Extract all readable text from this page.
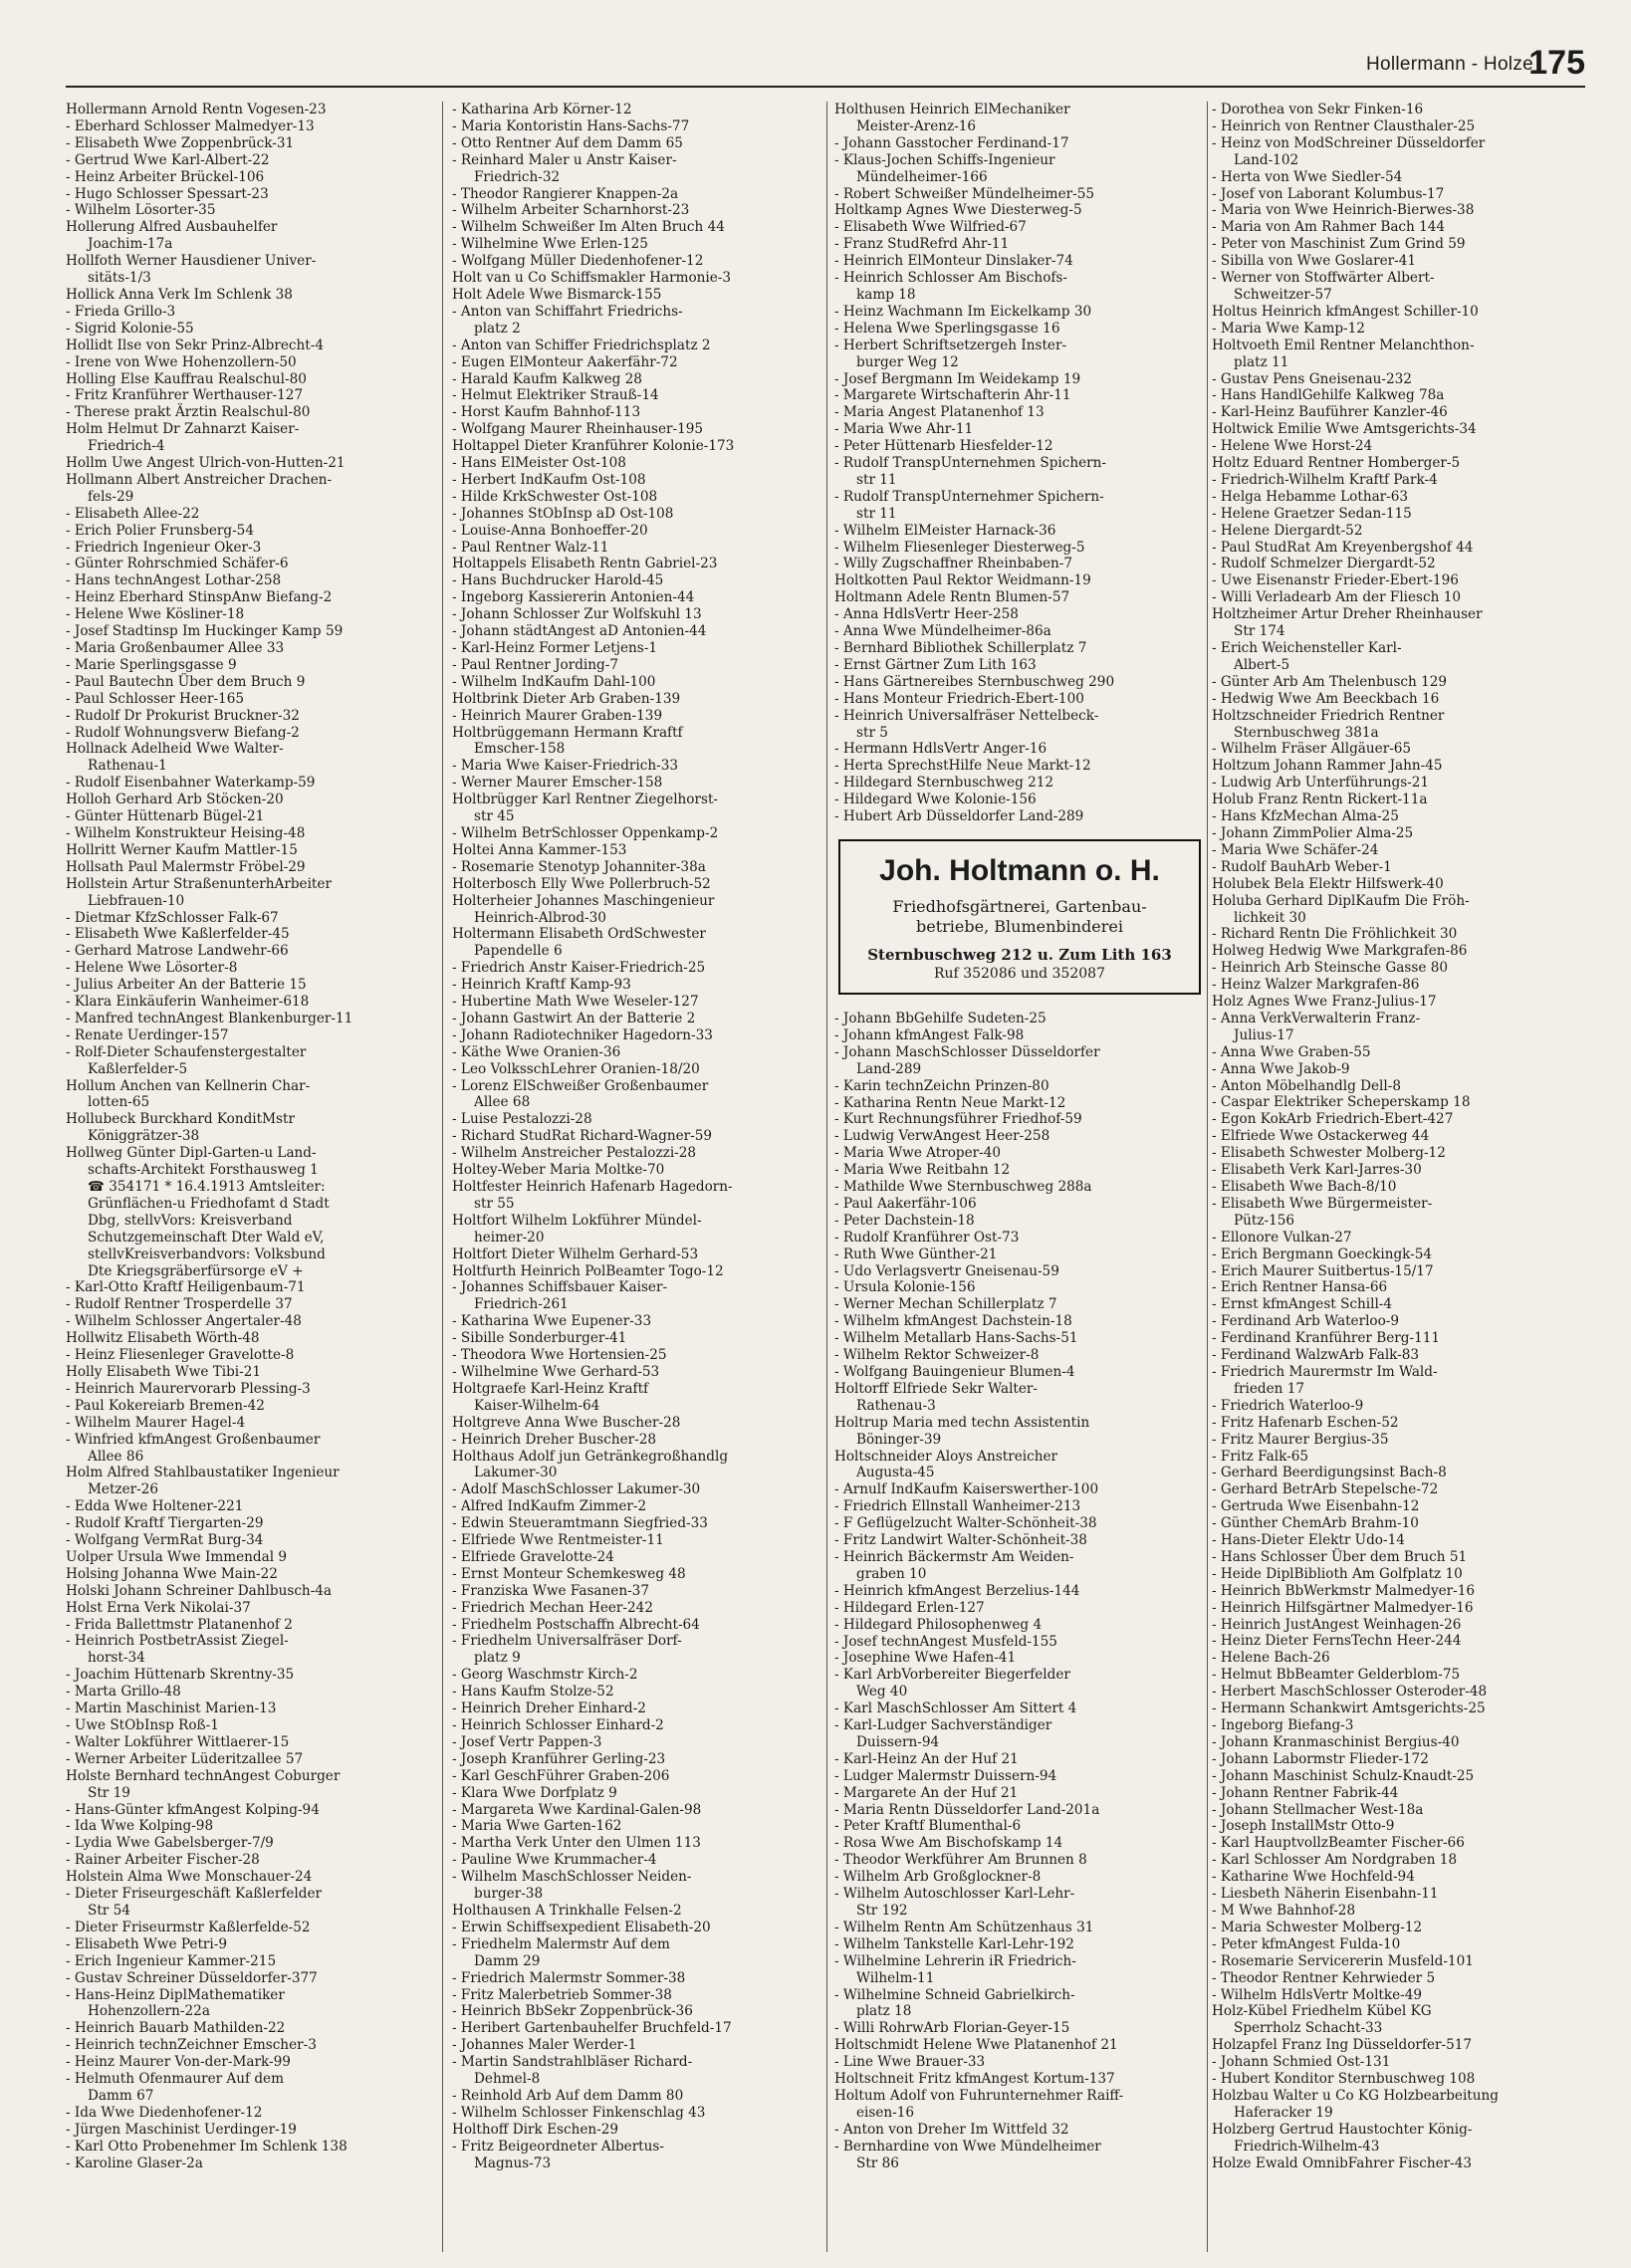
Hollermann - Holze
175
Hollermann Arnold Rentn Vogesen-23
- Eberhard Schlosser Malmedyer-13
- Elisabeth Wwe Zoppenbrück-31
- Gertrud Wwe Karl-Albert-22
- Heinz Arbeiter Brückel-106
- Hugo Schlosser Spessart-23
- Wilhelm Lösorter-35
Hollerung Alfred Ausbauhelfer
Joachim-17a
Hollfoth Werner Hausdiener Univer-
sitäts-1/3
Hollick Anna Verk Im Schlenk 38
- Frieda Grillo-3
- Sigrid Kolonie-55
Hollidt Ilse von Sekr Prinz-Albrecht-4
- Irene von Wwe Hohenzollern-50
Holling Else Kauffrau Realschul-80
- Fritz Kranführer Werthauser-127
- Therese prakt Ärztin Realschul-80
Holm Helmut Dr Zahnarzt Kaiser-
Friedrich-4
Hollm Uwe Angest Ulrich-von-Hutten-21
Hollmann Albert Anstreicher Drachen-
fels-29
- Elisabeth Allee-22
- Erich Polier Frunsberg-54
- Friedrich Ingenieur Oker-3
- Günter Rohrschmied Schäfer-6
- Hans technAngest Lothar-258
- Heinz Eberhard StinspAnw Biefang-2
- Helene Wwe Kösliner-18
- Josef Stadtinsp Im Huckinger Kamp 59
- Maria Großenbaumer Allee 33
- Marie Sperlingsgasse 9
- Paul Bautechn Über dem Bruch 9
- Paul Schlosser Heer-165
- Rudolf Dr Prokurist Bruckner-32
- Rudolf Wohnungsverw Biefang-2
Hollnack Adelheid Wwe Walter-
Rathenau-1
- Rudolf Eisenbahner Waterkamp-59
Holloh Gerhard Arb Stöcken-20
- Günter Hüttenarb Bügel-21
- Wilhelm Konstrukteur Heising-48
Hollritt Werner Kaufm Mattler-15
Hollsath Paul Malermstr Fröbel-29
Hollstein Artur StraßenunterhArbeiter
Liebfrauen-10
- Dietmar KfzSchlosser Falk-67
- Elisabeth Wwe Kaßlerfelder-45
- Gerhard Matrose Landwehr-66
- Helene Wwe Lösorter-8
- Julius Arbeiter An der Batterie 15
- Klara Einkäuferin Wanheimer-618
- Manfred technAngest Blankenburger-11
- Renate Uerdinger-157
- Rolf-Dieter Schaufenstergestalter
Kaßlerfelder-5
Hollum Anchen van Kellnerin Char-
lotten-65
Hollubeck Burckhard KonditMstr
Königgrätzer-38
Hollweg Günter Dipl-Garten-u Land-
schafts-Architekt Forsthausweg 1
☎ 354171 * 16.4.1913 Amtsleiter:
Grünflächen-u Friedhofamt d Stadt
Dbg, stellvVors: Kreisverband
Schutzgemeinschaft Dter Wald eV,
stellvKreisverbandvors: Volksbund
Dte Kriegsgräberfürsorge eV +
- Karl-Otto Kraftf Heiligenbaum-71
- Rudolf Rentner Trosperdelle 37
- Wilhelm Schlosser Angertaler-48
Hollwitz Elisabeth Wörth-48
- Heinz Fliesenleger Gravelotte-8
Holly Elisabeth Wwe Tibi-21
- Heinrich Maurervorarb Plessing-3
- Paul Kokereiarb Bremen-42
- Wilhelm Maurer Hagel-4
- Winfried kfmAngest Großenbaumer
Allee 86
Holm Alfred Stahlbaustatiker Ingenieur
Metzer-26
- Edda Wwe Holtener-221
- Rudolf Kraftf Tiergarten-29
- Wolfgang VermRat Burg-34
Uolper Ursula Wwe Immendal 9
Holsing Johanna Wwe Main-22
Holski Johann Schreiner Dahlbusch-4a
Holst Erna Verk Nikolai-37
- Frida Ballettmstr Platanenhof 2
- Heinrich PostbetrAssist Ziegel-
horst-34
- Joachim Hüttenarb Skrentny-35
- Marta Grillo-48
- Martin Maschinist Marien-13
- Uwe StObInsp Roß-1
- Walter Lokführer Wittlaerer-15
- Werner Arbeiter Lüderitzallee 57
Holste Bernhard technAngest Coburger
Str 19
- Hans-Günter kfmAngest Kolping-94
- Ida Wwe Kolping-98
- Lydia Wwe Gabelsberger-7/9
- Rainer Arbeiter Fischer-28
Holstein Alma Wwe Monschauer-24
- Dieter Friseurgeschäft Kaßlerfelder
Str 54
- Dieter Friseurmstr Kaßlerfelde-52
- Elisabeth Wwe Petri-9
- Erich Ingenieur Kammer-215
- Gustav Schreiner Düsseldorfer-377
- Hans-Heinz DiplMathematiker
Hohenzollern-22a
- Heinrich Bauarb Mathilden-22
- Heinrich technZeichner Emscher-3
- Heinz Maurer Von-der-Mark-99
- Helmuth Ofenmaurer Auf dem
Damm 67
- Ida Wwe Diedenhofener-12
- Jürgen Maschinist Uerdinger-19
- Karl Otto Probenehmer Im Schlenk 138
- Karoline Glaser-2a
- Katharina Arb Körner-12
- Maria Kontoristin Hans-Sachs-77
- Otto Rentner Auf dem Damm 65
- Reinhard Maler u Anstr Kaiser-
Friedrich-32
- Theodor Rangierer Knappen-2a
- Wilhelm Arbeiter Scharnhorst-23
- Wilhelm Schweißer Im Alten Bruch 44
- Wilhelmine Wwe Erlen-125
- Wolfgang Müller Diedenhofener-12
Holt van u Co Schiffsmakler Harmonie-3
Holt Adele Wwe Bismarck-155
- Anton van Schiffahrt Friedrichs-
platz 2
- Anton van Schiffer Friedrichsplatz 2
- Eugen ElMonteur Aakerfähr-72
- Harald Kaufm Kalkweg 28
- Helmut Elektriker Strauß-14
- Horst Kaufm Bahnhof-113
- Wolfgang Maurer Rheinhauser-195
Holtappel Dieter Kranführer Kolonie-173
- Hans ElMeister Ost-108
- Herbert IndKaufm Ost-108
- Hilde KrkSchwester Ost-108
- Johannes StObInsp aD Ost-108
- Louise-Anna Bonhoeffer-20
- Paul Rentner Walz-11
Holtappels Elisabeth Rentn Gabriel-23
- Hans Buchdrucker Harold-45
- Ingeborg Kassiererin Antonien-44
- Johann Schlosser Zur Wolfskuhl 13
- Johann städtAngest aD Antonien-44
- Karl-Heinz Former Letjens-1
- Paul Rentner Jording-7
- Wilhelm IndKaufm Dahl-100
Holtbrink Dieter Arb Graben-139
- Heinrich Maurer Graben-139
Holtbrüggemann Hermann Kraftf
Emscher-158
- Maria Wwe Kaiser-Friedrich-33
- Werner Maurer Emscher-158
Holtbrügger Karl Rentner Ziegelhorst-
str 45
- Wilhelm BetrSchlosser Oppenkamp-2
Holtei Anna Kammer-153
- Rosemarie Stenotyp Johanniter-38a
Holterbosch Elly Wwe Pollerbruch-52
Holterheier Johannes Maschingenieur
Heinrich-Albrod-30
Holtermann Elisabeth OrdSchwester
Papendelle 6
- Friedrich Anstr Kaiser-Friedrich-25
- Heinrich Kraftf Kamp-93
- Hubertine Math Wwe Weseler-127
- Johann Gastwirt An der Batterie 2
- Johann Radiotechniker Hagedorn-33
- Käthe Wwe Oranien-36
- Leo VolksschLehrer Oranien-18/20
- Lorenz ElSchweißer Großenbaumer
Allee 68
- Luise Pestalozzi-28
- Richard StudRat Richard-Wagner-59
- Wilhelm Anstreicher Pestalozzi-28
Holtey-Weber Maria Moltke-70
Holtfester Heinrich Hafenarb Hagedorn-
str 55
Holtfort Wilhelm Lokführer Mündel-
heimer-20
Holtfort Dieter Wilhelm Gerhard-53
Holtfurth Heinrich PolBeamter Togo-12
- Johannes Schiffsbauer Kaiser-
Friedrich-261
- Katharina Wwe Eupener-33
- Sibille Sonderburger-41
- Theodora Wwe Hortensien-25
- Wilhelmine Wwe Gerhard-53
Holtgraefe Karl-Heinz Kraftf
Kaiser-Wilhelm-64
Holtgreve Anna Wwe Buscher-28
- Heinrich Dreher Buscher-28
Holthaus Adolf jun Getränkegroßhandlg
Lakumer-30
- Adolf MaschSchlosser Lakumer-30
- Alfred IndKaufm Zimmer-2
- Edwin Steueramtmann Siegfried-33
- Elfriede Wwe Rentmeister-11
- Elfriede Gravelotte-24
- Ernst Monteur Schemkesweg 48
- Franziska Wwe Fasanen-37
- Friedrich Mechan Heer-242
- Friedhelm Postschaffn Albrecht-64
- Friedhelm Universalfräser Dorf-
platz 9
- Georg Waschmstr Kirch-2
- Hans Kaufm Stolze-52
- Heinrich Dreher Einhard-2
- Heinrich Schlosser Einhard-2
- Josef Vertr Pappen-3
- Joseph Kranführer Gerling-23
- Karl GeschFührer Graben-206
- Klara Wwe Dorfplatz 9
- Margareta Wwe Kardinal-Galen-98
- Maria Wwe Garten-162
- Martha Verk Unter den Ulmen 113
- Pauline Wwe Krummacher-4
- Wilhelm MaschSchlosser Neiden-
burger-38
Holthausen A Trinkhalle Felsen-2
- Erwin Schiffsexpedient Elisabeth-20
- Friedhelm Malermstr Auf dem
Damm 29
- Friedrich Malermstr Sommer-38
- Fritz Malerbetrieb Sommer-38
- Heinrich BbSekr Zoppenbrück-36
- Heribert Gartenbauhelfer Bruchfeld-17
- Johannes Maler Werder-1
- Martin Sandstrahlbläser Richard-
Dehmel-8
- Reinhold Arb Auf dem Damm 80
- Wilhelm Schlosser Finkenschlag 43
Holthoff Dirk Eschen-29
- Fritz Beigeordneter Albertus-
Magnus-73
Holthusen Heinrich ElMechaniker
Meister-Arenz-16
- Johann Gasstocher Ferdinand-17
- Klaus-Jochen Schiffs-Ingenieur
Mündelheimer-166
- Robert Schweißer Mündelheimer-55
Holtkamp Agnes Wwe Diesterweg-5
- Elisabeth Wwe Wilfried-67
- Franz StudRefrd Ahr-11
- Heinrich ElMonteur Dinslaker-74
- Heinrich Schlosser Am Bischofs-
kamp 18
- Heinz Wachmann Im Eickelkamp 30
- Helena Wwe Sperlingsgasse 16
- Herbert Schriftsetzergeh Inster-
burger Weg 12
- Josef Bergmann Im Weidekamp 19
- Margarete Wirtschafterin Ahr-11
- Maria Angest Platanenhof 13
- Maria Wwe Ahr-11
- Peter Hüttenarb Hiesfelder-12
- Rudolf TranspUnternehmen Spichern-
str 11
- Rudolf TranspUnternehmer Spichern-
str 11
- Wilhelm ElMeister Harnack-36
- Wilhelm Fliesenleger Diesterweg-5
- Willy Zugschaffner Rheinbaben-7
Holtkotten Paul Rektor Weidmann-19
Holtmann Adele Rentn Blumen-57
- Anna HdlsVertr Heer-258
- Anna Wwe Mündelheimer-86a
- Bernhard Bibliothek Schillerplatz 7
- Ernst Gärtner Zum Lith 163
- Hans Gärtnereibes Sternbuschweg 290
- Hans Monteur Friedrich-Ebert-100
- Heinrich Universalfräser Nettelbeck-
str 5
- Hermann HdlsVertr Anger-16
- Herta SprechstHilfe Neue Markt-12
- Hildegard Sternbuschweg 212
- Hildegard Wwe Kolonie-156
- Hubert Arb Düsseldorfer Land-289
Joh. Holtmann o. H.
Friedhofsgärtnerei, Gartenbau-
betriebe, Blumenbinderei
Sternbuschweg 212 u. Zum Lith 163
Ruf 352086 und 352087
- Johann BbGehilfe Sudeten-25
- Johann kfmAngest Falk-98
- Johann MaschSchlosser Düsseldorfer
Land-289
- Karin technZeichn Prinzen-80
- Katharina Rentn Neue Markt-12
- Kurt Rechnungsführer Friedhof-59
- Ludwig VerwAngest Heer-258
- Maria Wwe Atroper-40
- Maria Wwe Reitbahn 12
- Mathilde Wwe Sternbuschweg 288a
- Paul Aakerfähr-106
- Peter Dachstein-18
- Rudolf Kranführer Ost-73
- Ruth Wwe Günther-21
- Udo Verlagsvertr Gneisenau-59
- Ursula Kolonie-156
- Werner Mechan Schillerplatz 7
- Wilhelm kfmAngest Dachstein-18
- Wilhelm Metallarb Hans-Sachs-51
- Wilhelm Rektor Schweizer-8
- Wolfgang Bauingenieur Blumen-4
Holtorff Elfriede Sekr Walter-
Rathenau-3
Holtrup Maria med techn Assistentin
Böninger-39
Holtschneider Aloys Anstreicher
Augusta-45
- Arnulf IndKaufm Kaiserswerther-100
- Friedrich Ellnstall Wanheimer-213
- F Geflügelzucht Walter-Schönheit-38
- Fritz Landwirt Walter-Schönheit-38
- Heinrich Bäckermstr Am Weiden-
graben 10
- Heinrich kfmAngest Berzelius-144
- Hildegard Erlen-127
- Hildegard Philosophenweg 4
- Josef technAngest Musfeld-155
- Josephine Wwe Hafen-41
- Karl ArbVorbereiter Biegerfelder
Weg 40
- Karl MaschSchlosser Am Sittert 4
- Karl-Ludger Sachverständiger
Duissern-94
- Karl-Heinz An der Huf 21
- Ludger Malermstr Duissern-94
- Margarete An der Huf 21
- Maria Rentn Düsseldorfer Land-201a
- Peter Kraftf Blumenthal-6
- Rosa Wwe Am Bischofskamp 14
- Theodor Werkführer Am Brunnen 8
- Wilhelm Arb Großglockner-8
- Wilhelm Autoschlosser Karl-Lehr-
Str 192
- Wilhelm Rentn Am Schützenhaus 31
- Wilhelm Tankstelle Karl-Lehr-192
- Wilhelmine Lehrerin iR Friedrich-
Wilhelm-11
- Wilhelmine Schneid Gabrielkirch-
platz 18
- Willi RohrwArb Florian-Geyer-15
Holtschmidt Helene Wwe Platanenhof 21
- Line Wwe Brauer-33
Holtschneit Fritz kfmAngest Kortum-137
Holtum Adolf von Fuhrunternehmer Raiff-
eisen-16
- Anton von Dreher Im Wittfeld 32
- Bernhardine von Wwe Mündelheimer
Str 86
- Dorothea von Sekr Finken-16
- Heinrich von Rentner Clausthaler-25
- Heinz von ModSchreiner Düsseldorfer
Land-102
- Herta von Wwe Siedler-54
- Josef von Laborant Kolumbus-17
- Maria von Wwe Heinrich-Bierwes-38
- Maria von Am Rahmer Bach 144
- Peter von Maschinist Zum Grind 59
- Sibilla von Wwe Goslarer-41
- Werner von Stoffwärter Albert-
Schweitzer-57
Holtus Heinrich kfmAngest Schiller-10
- Maria Wwe Kamp-12
Holtvoeth Emil Rentner Melanchthon-
platz 11
- Gustav Pens Gneisenau-232
- Hans HandlGehilfe Kalkweg 78a
- Karl-Heinz Bauführer Kanzler-46
Holtwick Emilie Wwe Amtsgerichts-34
- Helene Wwe Horst-24
Holtz Eduard Rentner Homberger-5
- Friedrich-Wilhelm Kraftf Park-4
- Helga Hebamme Lothar-63
- Helene Graetzer Sedan-115
- Helene Diergardt-52
- Paul StudRat Am Kreyenbergshof 44
- Rudolf Schmelzer Diergardt-52
- Uwe Eisenanstr Frieder-Ebert-196
- Willi Verladearb Am der Fliesch 10
Holtzheimer Artur Dreher Rheinhauser
Str 174
- Erich Weichensteller Karl-
Albert-5
- Günter Arb Am Thelenbusch 129
- Hedwig Wwe Am Beeckbach 16
Holtzschneider Friedrich Rentner
Sternbuschweg 381a
- Wilhelm Fräser Allgäuer-65
Holtzum Johann Rammer Jahn-45
- Ludwig Arb Unterführungs-21
Holub Franz Rentn Rickert-11a
- Hans KfzMechan Alma-25
- Johann ZimmPolier Alma-25
- Maria Wwe Schäfer-24
- Rudolf BauhArb Weber-1
Holubek Bela Elektr Hilfswerk-40
Holuba Gerhard DiplKaufm Die Fröh-
lichkeit 30
- Richard Rentn Die Fröhlichkeit 30
Holweg Hedwig Wwe Markgrafen-86
- Heinrich Arb Steinsche Gasse 80
- Heinz Walzer Markgrafen-86
Holz Agnes Wwe Franz-Julius-17
- Anna VerkVerwalterin Franz-
Julius-17
- Anna Wwe Graben-55
- Anna Wwe Jakob-9
- Anton Möbelhandlg Dell-8
- Caspar Elektriker Scheperskamp 18
- Egon KokArb Friedrich-Ebert-427
- Elfriede Wwe Ostackerweg 44
- Elisabeth Schwester Molberg-12
- Elisabeth Verk Karl-Jarres-30
- Elisabeth Wwe Bach-8/10
- Elisabeth Wwe Bürgermeister-
Pütz-156
- Ellonore Vulkan-27
- Erich Bergmann Goeckingk-54
- Erich Maurer Suitbertus-15/17
- Erich Rentner Hansa-66
- Ernst kfmAngest Schill-4
- Ferdinand Arb Waterloo-9
- Ferdinand Kranführer Berg-111
- Ferdinand WalzwArb Falk-83
- Friedrich Maurermstr Im Wald-
frieden 17
- Friedrich Waterloo-9
- Fritz Hafenarb Eschen-52
- Fritz Maurer Bergius-35
- Fritz Falk-65
- Gerhard Beerdigungsinst Bach-8
- Gerhard BetrArb Stepelsche-72
- Gertruda Wwe Eisenbahn-12
- Günther ChemArb Brahm-10
- Hans-Dieter Elektr Udo-14
- Hans Schlosser Über dem Bruch 51
- Heide DiplBiblioth Am Golfplatz 10
- Heinrich BbWerkmstr Malmedyer-16
- Heinrich Hilfsgärtner Malmedyer-16
- Heinrich JustAngest Weinhagen-26
- Heinz Dieter FernsTechn Heer-244
- Helene Bach-26
- Helmut BbBeamter Gelderblom-75
- Herbert MaschSchlosser Osteroder-48
- Hermann Schankwirt Amtsgerichts-25
- Ingeborg Biefang-3
- Johann Kranmaschinist Bergius-40
- Johann Labormstr Flieder-172
- Johann Maschinist Schulz-Knaudt-25
- Johann Rentner Fabrik-44
- Johann Stellmacher West-18a
- Joseph InstallMstr Otto-9
- Karl HauptvollzBeamter Fischer-66
- Karl Schlosser Am Nordgraben 18
- Katharine Wwe Hochfeld-94
- Liesbeth Näherin Eisenbahn-11
- M Wwe Bahnhof-28
- Maria Schwester Molberg-12
- Peter kfmAngest Fulda-10
- Rosemarie Servicererin Musfeld-101
- Theodor Rentner Kehrwieder 5
- Wilhelm HdlsVertr Moltke-49
Holz-Kübel Friedhelm Kübel KG
Sperrholz Schacht-33
Holzapfel Franz Ing Düsseldorfer-517
- Johann Schmied Ost-131
- Hubert Konditor Sternbuschweg 108
Holzbau Walter u Co KG Holzbearbeitung
Haferacker 19
Holzberg Gertrud Haustochter König-
Friedrich-Wilhelm-43
Holze Ewald OmnibFahrer Fischer-43
